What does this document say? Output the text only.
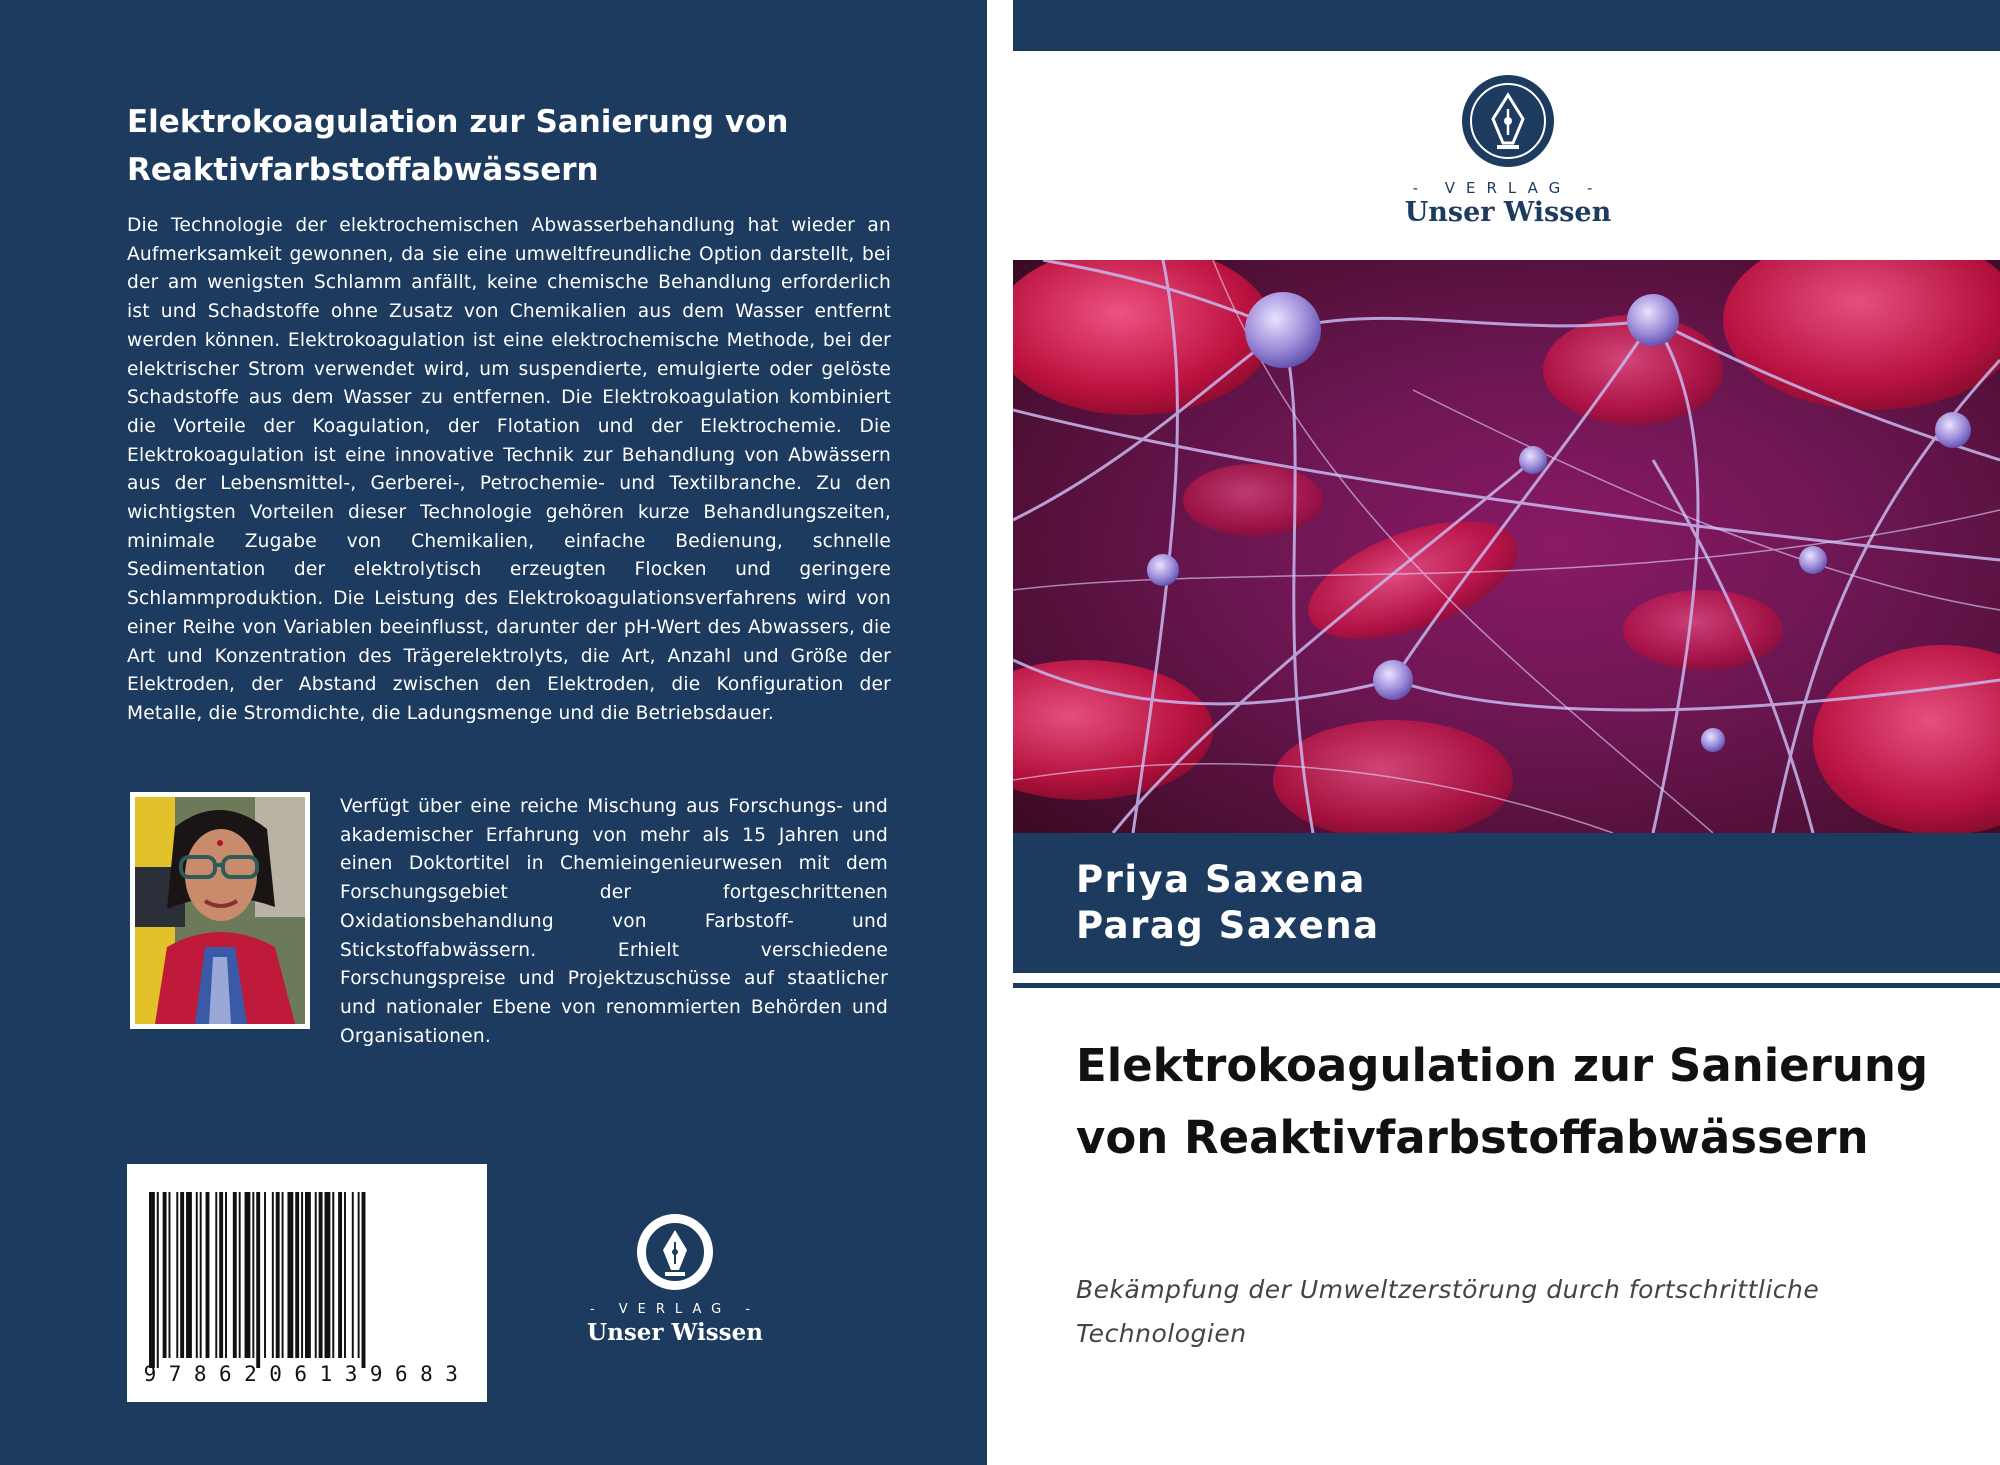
Elektrokoagulation zur Sanierung von Reaktivfarbstoffabwässern

Die Technologie der elektrochemischen Abwasserbehandlung hat wieder an Aufmerksamkeit gewonnen, da sie eine umweltfreundliche Option darstellt, bei der am wenigsten Schlamm anfällt, keine chemische Behandlung erforderlich ist und Schadstoffe ohne Zusatz von Chemikalien aus dem Wasser entfernt werden können. Elektrokoagulation ist eine elektrochemische Methode, bei der elektrischer Strom verwendet wird, um suspendierte, emulgierte oder gelöste Schadstoffe aus dem Wasser zu entfernen. Die Elektrokoagulation kombiniert die Vorteile der Koagulation, der Flotation und der Elektrochemie. Die Elektrokoagulation ist eine innovative Technik zur Behandlung von Abwässern aus der Lebensmittel-, Gerberei-, Petrochemie- und Textilbranche. Zu den wichtigsten Vorteilen dieser Technologie gehören kurze Behandlungszeiten, minimale Zugabe von Chemikalien, einfache Bedienung, schnelle Sedimentation der elektrolytisch erzeugten Flocken und geringere Schlammproduktion. Die Leistung des Elektrokoagulationsverfahrens wird von einer Reihe von Variablen beeinflusst, darunter der pH-Wert des Abwassers, die Art und Konzentration des Trägerelektrolyts, die Art, Anzahl und Größe der Elektroden, der Abstand zwischen den Elektroden, die Konfiguration der Metalle, die Stromdichte, die Ladungsmenge und die Betriebsdauer.

Verfügt über eine reiche Mischung aus Forschungs- und akademischer Erfahrung von mehr als 15 Jahren und einen Doktortitel in Chemieingenieurwesen mit dem Forschungsgebiet der fortgeschrittenen Oxidationsbehandlung von Farbstoff- und Stickstoffabwässern. Erhielt verschiedene Forschungspreise und Projektzuschüsse auf staatlicher und nationaler Ebene von renommierten Behörden und Organisationen.

9786206139683
- VERLAG -
Unser Wissen
- VERLAG -
Unser Wissen
Priya Saxena
Parag Saxena
Elektrokoagulation zur Sanierung von Reaktivfarbstoffabwässern

Bekämpfung der Umweltzerstörung durch fortschrittliche Technologien
